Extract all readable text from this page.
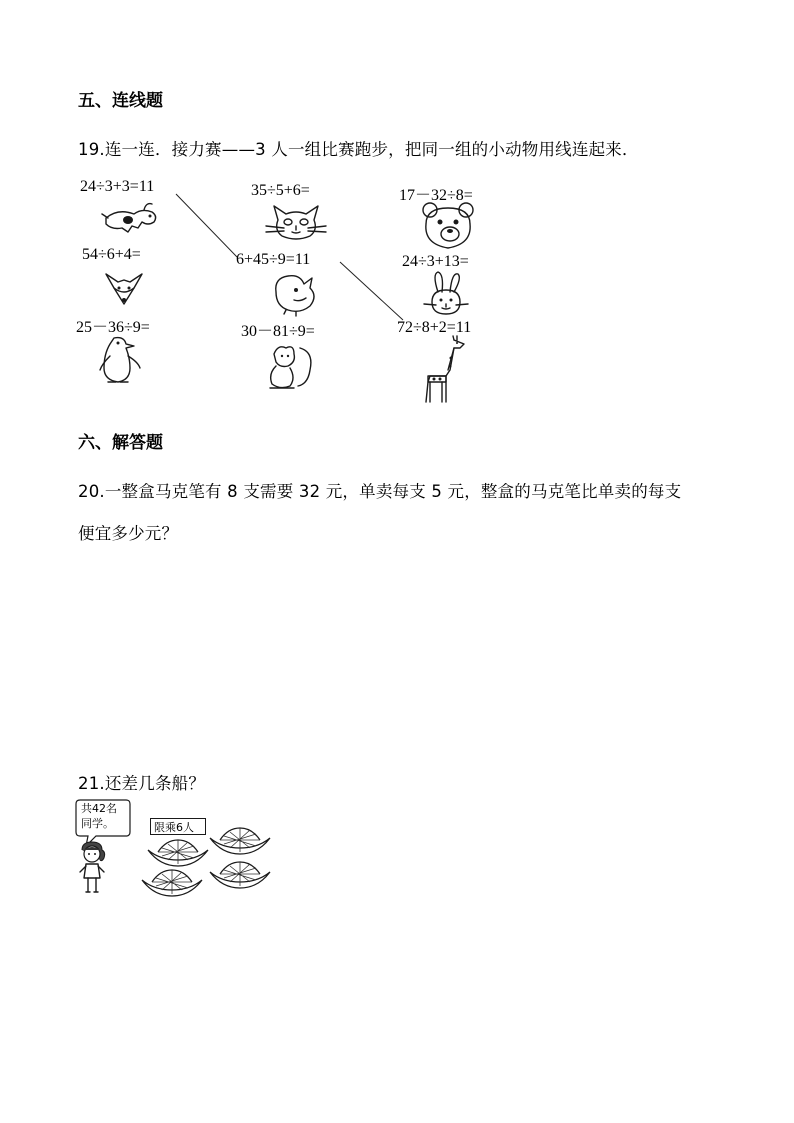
五、连线题
19.连一连．接力赛——3 人一组比赛跑步，把同一组的小动物用线连起来．
24÷3+3=11
54÷6+4=
25－36÷9=
35÷5+6=
6+45÷9=11
30－81÷9=
17－32÷8=
24÷3+13=
72÷8+2=11
六、解答题
20.一整盒马克笔有 8 支需要 32 元，单卖每支 5 元，整盒的马克笔比单卖的每支
便宜多少元？
21.还差几条船？
共42名
同学。	限乘6人
